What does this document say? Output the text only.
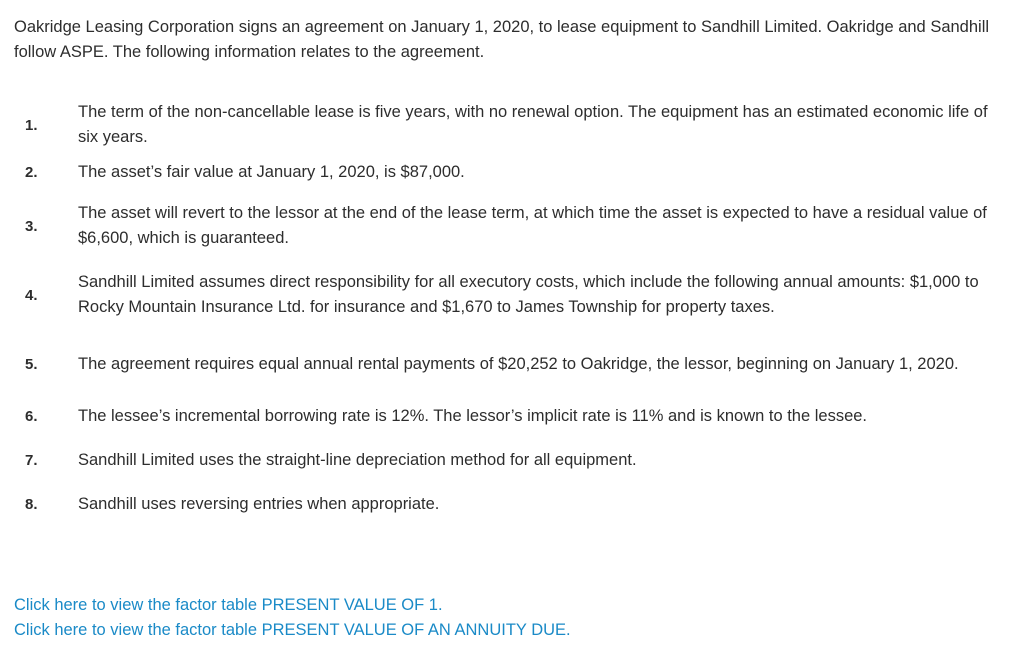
Oakridge Leasing Corporation signs an agreement on January 1, 2020, to lease equipment to Sandhill Limited. Oakridge and Sandhill follow ASPE. The following information relates to the agreement.

1.
The term of the non-cancellable lease is five years, with no renewal option. The equipment has an estimated economic life of six years.
2.	The asset’s fair value at January 1, 2020, is $87,000.
3.
The asset will revert to the lessor at the end of the lease term, at which time the asset is expected to have a residual value of $6,600, which is guaranteed.
4.
Sandhill Limited assumes direct responsibility for all executory costs, which include the following annual amounts: $1,000 to Rocky Mountain Insurance Ltd. for insurance and $1,670 to James Township for property taxes.
5.	The agreement requires equal annual rental payments of $20,252 to Oakridge, the lessor, beginning on January 1, 2020.
6.	The lessee’s incremental borrowing rate is 12%. The lessor’s implicit rate is 11% and is known to the lessee.
7.	Sandhill Limited uses the straight-line depreciation method for all equipment.
8.	Sandhill uses reversing entries when appropriate.
Click here to view the factor table PRESENT VALUE OF 1.
Click here to view the factor table PRESENT VALUE OF AN ANNUITY DUE.
